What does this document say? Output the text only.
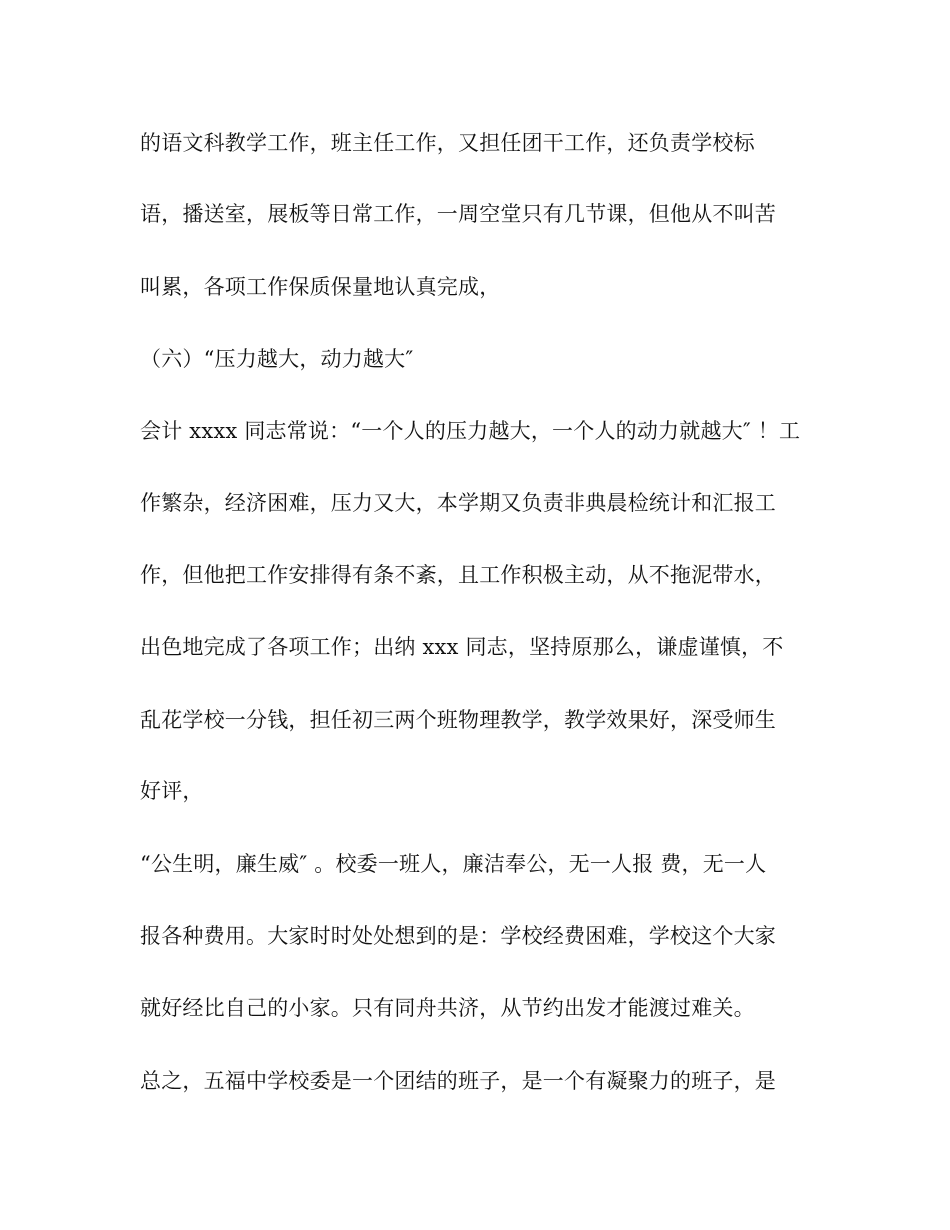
的语文科教学工作，班主任工作，又担任团干工作，还负责学校标
语，播送室，展板等日常工作，一周空堂只有几节课，但他从不叫苦
叫累，各项工作保质保量地认真完成，
（六）“压力越大，动力越大″
会计 xxxx 同志常说：“一个人的压力越大，一个人的动力就越大″ ！工
作繁杂，经济困难，压力又大，本学期又负责非典晨检统计和汇报工
作，但他把工作安排得有条不紊，且工作积极主动，从不拖泥带水，
出色地完成了各项工作；出纳 xxx 同志，坚持原那么，谦虚谨慎，不
乱花学校一分钱，担任初三两个班物理教学，教学效果好，深受师生
好评，
“公生明，廉生威″ 。校委一班人，廉洁奉公，无一人报 费，无一人
报各种费用。大家时时处处想到的是：学校经费困难，学校这个大家
就好经比自己的小家。只有同舟共济，从节约出发才能渡过难关。
总之，五福中学校委是一个团结的班子，是一个有凝聚力的班子，是
